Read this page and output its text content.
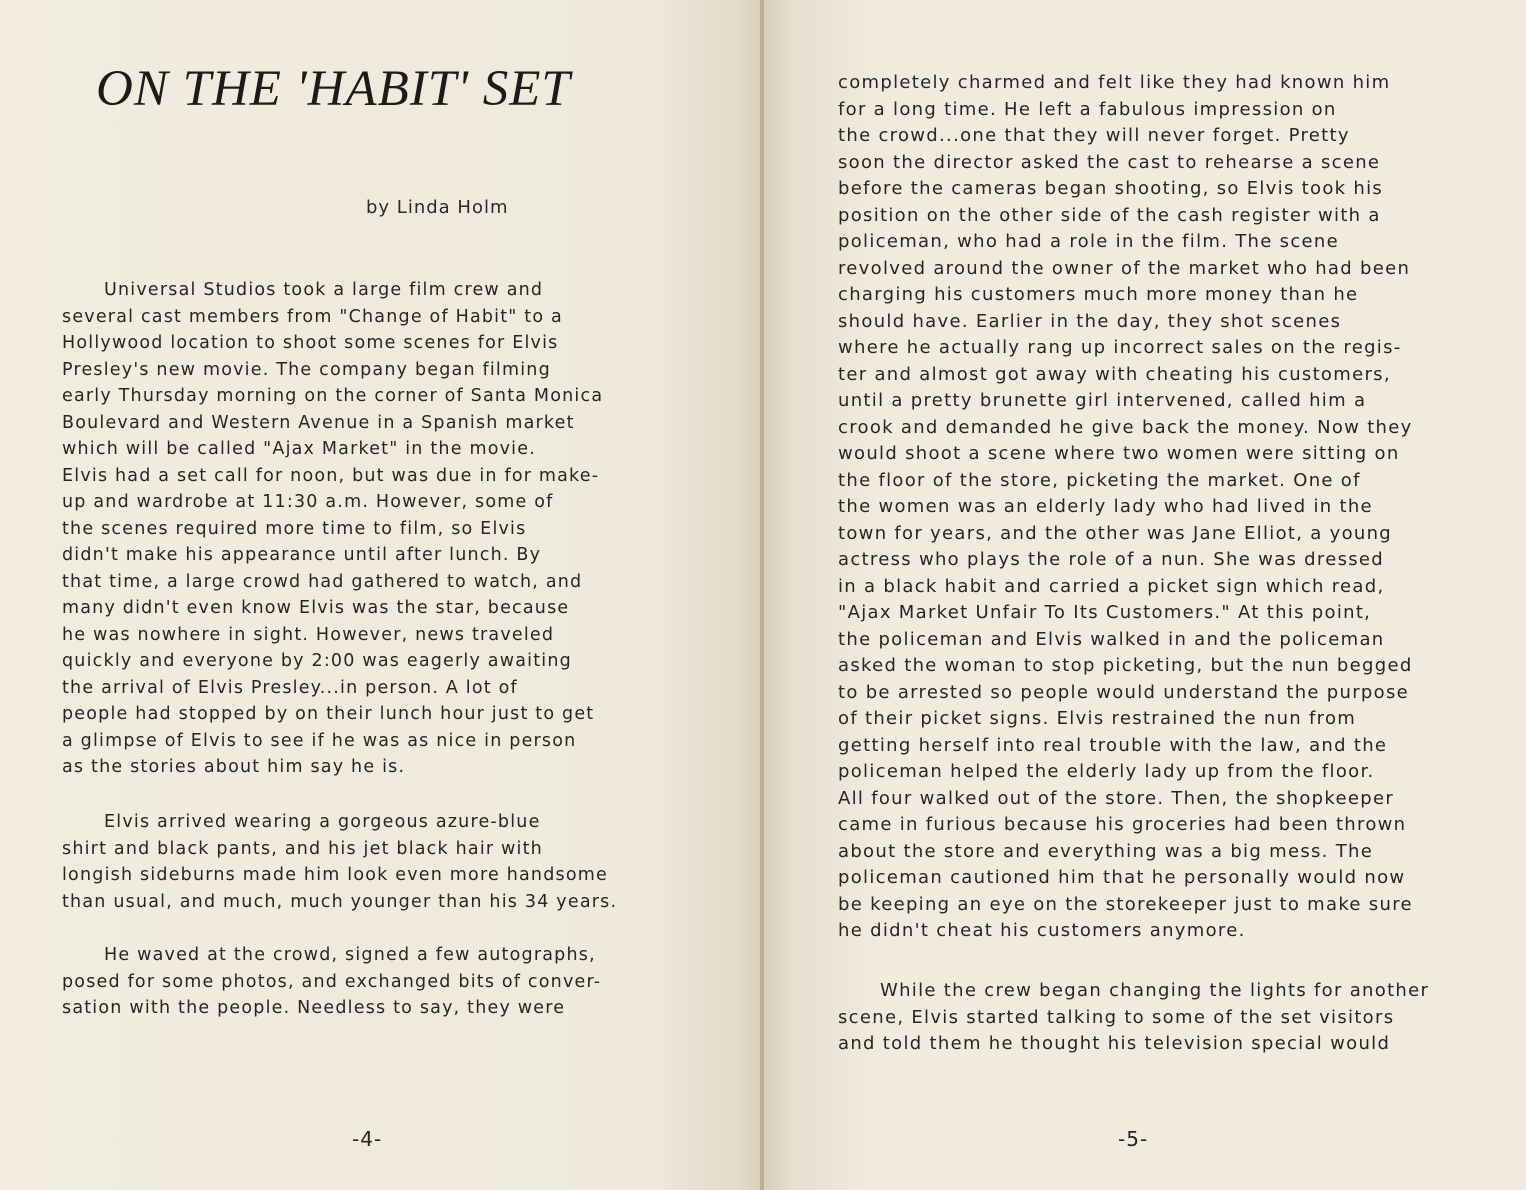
ON THE 'HABIT' SET
by Linda Holm
Universal Studios took a large film crew and
several cast members from "Change of Habit" to a
Hollywood location to shoot some scenes for Elvis
Presley's new movie. The company began filming
early Thursday morning on the corner of Santa Monica
Boulevard and Western Avenue in a Spanish market
which will be called "Ajax Market" in the movie.
Elvis had a set call for noon, but was due in for make-
up and wardrobe at 11:30 a.m. However, some of
the scenes required more time to film, so Elvis
didn't make his appearance until after lunch. By
that time, a large crowd had gathered to watch, and
many didn't even know Elvis was the star, because
he was nowhere in sight. However, news traveled
quickly and everyone by 2:00 was eagerly awaiting
the arrival of Elvis Presley...in person. A lot of
people had stopped by on their lunch hour just to get
a glimpse of Elvis to see if he was as nice in person
as the stories about him say he is.
Elvis arrived wearing a gorgeous azure-blue
shirt and black pants, and his jet black hair with
longish sideburns made him look even more handsome
than usual, and much, much younger than his 34 years.
He waved at the crowd, signed a few autographs,
posed for some photos, and exchanged bits of conver-
sation with the people. Needless to say, they were
-4-
completely charmed and felt like they had known him
for a long time. He left a fabulous impression on
the crowd...one that they will never forget. Pretty
soon the director asked the cast to rehearse a scene
before the cameras began shooting, so Elvis took his
position on the other side of the cash register with a
policeman, who had a role in the film. The scene
revolved around the owner of the market who had been
charging his customers much more money than he
should have. Earlier in the day, they shot scenes
where he actually rang up incorrect sales on the regis-
ter and almost got away with cheating his customers,
until a pretty brunette girl intervened, called him a
crook and demanded he give back the money. Now they
would shoot a scene where two women were sitting on
the floor of the store, picketing the market. One of
the women was an elderly lady who had lived in the
town for years, and the other was Jane Elliot, a young
actress who plays the role of a nun. She was dressed
in a black habit and carried a picket sign which read,
"Ajax Market Unfair To Its Customers." At this point,
the policeman and Elvis walked in and the policeman
asked the woman to stop picketing, but the nun begged
to be arrested so people would understand the purpose
of their picket signs. Elvis restrained the nun from
getting herself into real trouble with the law, and the
policeman helped the elderly lady up from the floor.
All four walked out of the store. Then, the shopkeeper
came in furious because his groceries had been thrown
about the store and everything was a big mess. The
policeman cautioned him that he personally would now
be keeping an eye on the storekeeper just to make sure
he didn't cheat his customers anymore.
While the crew began changing the lights for another
scene, Elvis started talking to some of the set visitors
and told them he thought his television special would
-5-
